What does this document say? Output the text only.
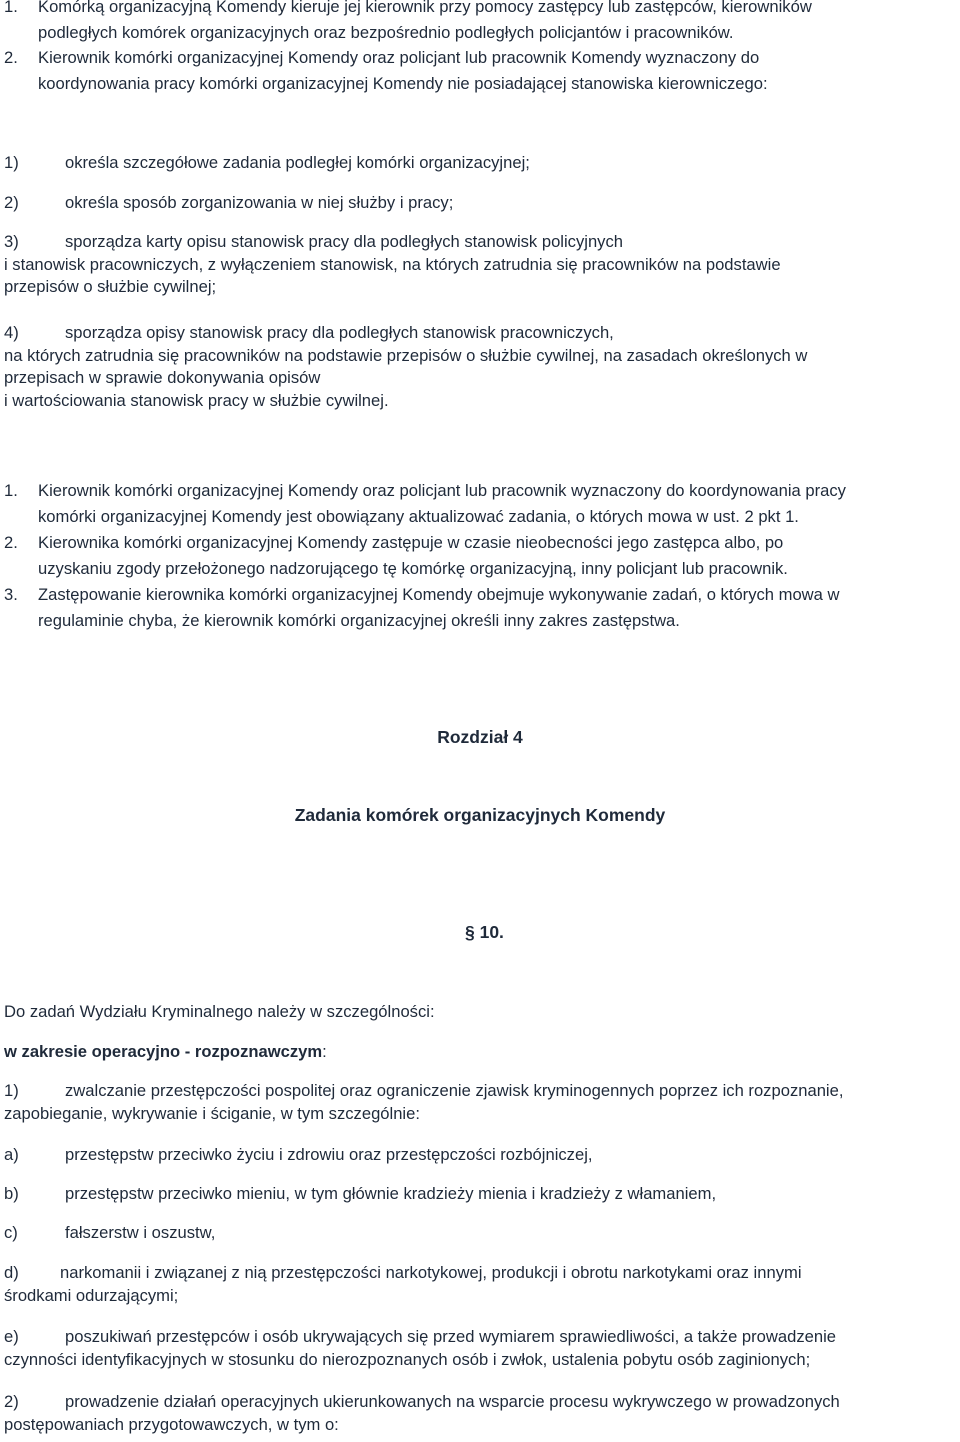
1.	Komórką organizacyjną Komendy kieruje jej kierownik przy pomocy zastępcy lub zastępców, kierowników
podległych komórek organizacyjnych oraz bezpośrednio podległych policjantów i pracowników.
2.	Kierownik komórki organizacyjnej Komendy oraz policjant lub pracownik Komendy wyznaczony do
koordynowania pracy komórki organizacyjnej Komendy nie posiadającej stanowiska kierowniczego:
1)	określa szczegółowe zadania podległej komórki organizacyjnej;
2)	określa sposób zorganizowania w niej służby i pracy;
3)	sporządza karty opisu stanowisk pracy dla podległych stanowisk policyjnych
i stanowisk pracowniczych, z wyłączeniem stanowisk, na których zatrudnia się pracowników na podstawie
przepisów o służbie cywilnej;
4)	sporządza opisy stanowisk pracy dla podległych stanowisk pracowniczych,
na których zatrudnia się pracowników na podstawie przepisów o służbie cywilnej, na zasadach określonych w
przepisach w sprawie dokonywania opisów
i wartościowania stanowisk pracy w służbie cywilnej.
1.	Kierownik komórki organizacyjnej Komendy oraz policjant lub pracownik wyznaczony do koordynowania pracy
komórki organizacyjnej Komendy jest obowiązany aktualizować zadania, o których mowa w ust. 2 pkt 1.
2.	Kierownika komórki organizacyjnej Komendy zastępuje w czasie nieobecności jego zastępca albo, po
uzyskaniu zgody przełożonego nadzorującego tę komórkę organizacyjną, inny policjant lub pracownik.
3.	Zastępowanie kierownika komórki organizacyjnej Komendy obejmuje wykonywanie zadań, o których mowa w
regulaminie chyba, że kierownik komórki organizacyjnej określi inny zakres zastępstwa.
Rozdział 4
Zadania komórek organizacyjnych Komendy
§ 10.
Do zadań Wydziału Kryminalnego należy w szczególności:
w zakresie operacyjno - rozpoznawczym:
1)	zwalczanie przestępczości pospolitej oraz ograniczenie zjawisk kryminogennych poprzez ich rozpoznanie,
zapobieganie, wykrywanie i ściganie, w tym szczególnie:
a)	przestępstw przeciwko życiu i zdrowiu oraz przestępczości rozbójniczej,
b)	przestępstw przeciwko mieniu, w tym głównie kradzieży mienia i kradzieży z włamaniem,
c)	fałszerstw i oszustw,
d) narkomanii i związanej z nią przestępczości narkotykowej, produkcji i obrotu narkotykami oraz innymi
środkami odurzającymi;
e)	poszukiwań przestępców i osób ukrywających się przed wymiarem sprawiedliwości, a także prowadzenie
czynności identyfikacyjnych w stosunku do nierozpoznanych osób i zwłok, ustalenia pobytu osób zaginionych;
2)	prowadzenie działań operacyjnych ukierunkowanych na wsparcie procesu wykrywczego w prowadzonych
postępowaniach przygotowawczych, w tym o:
